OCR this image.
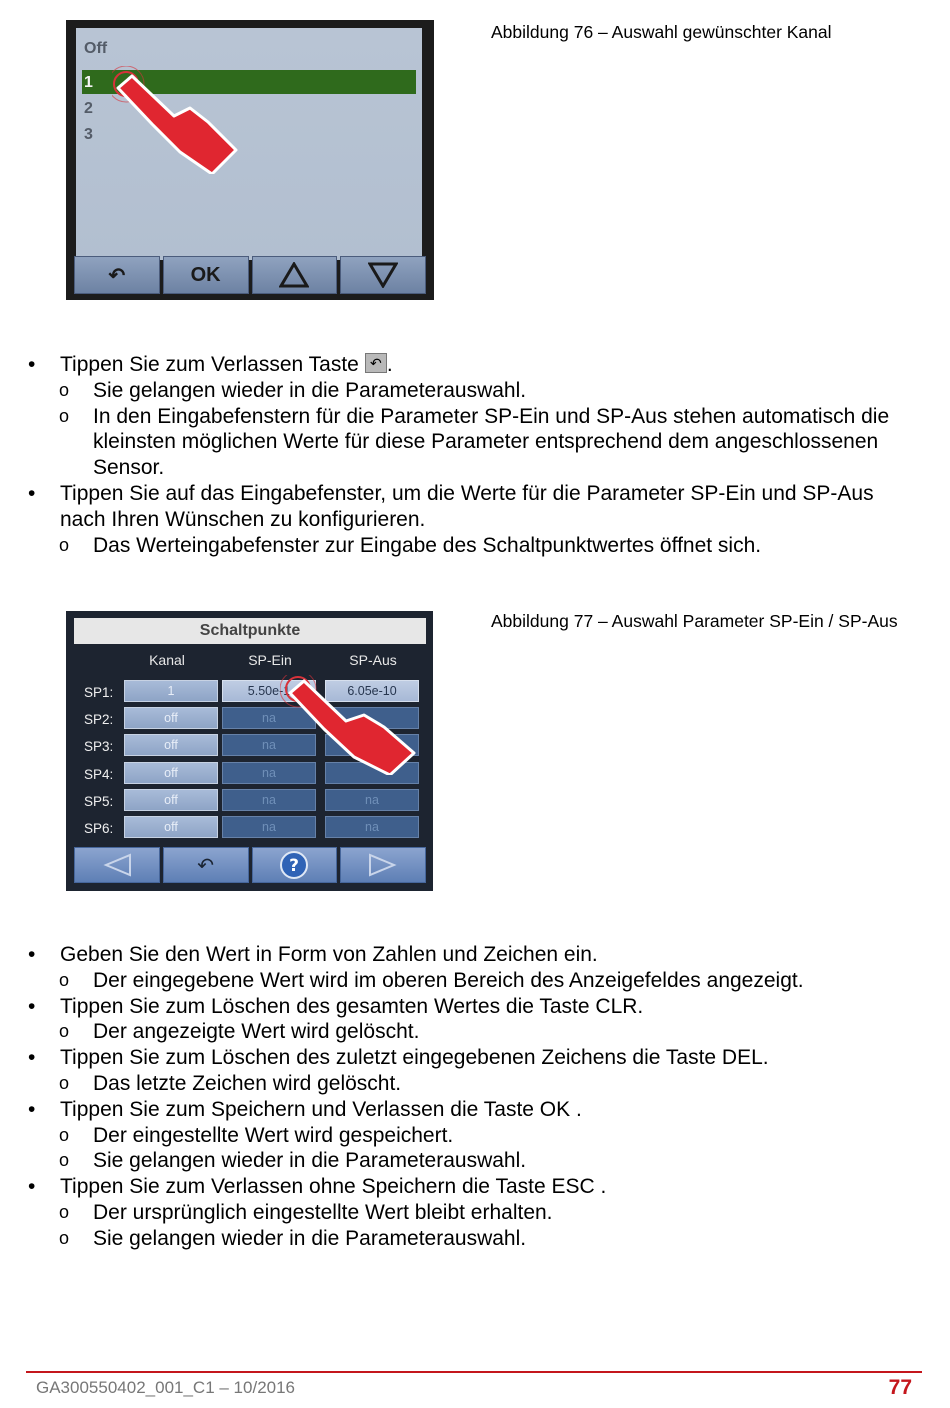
Off
1
2
3
↶	OK
Abbildung 76 – Auswahl gewünschter Kanal
• Tippen Sie zum Verlassen Taste ↶ .
o Sie gelangen wieder in die Parameterauswahl.
o In den Eingabefenstern für die Parameter SP-Ein und SP-Aus stehen automatisch die kleinsten möglichen Werte für diese Parameter entsprechend dem angeschlossenen Sensor.
• Tippen Sie auf das Eingabefenster, um die Werte für die Parameter SP-Ein und SP-Aus nach Ihren Wünschen zu konfigurieren.
o Das Werteingabefenster zur Eingabe des Schaltpunktwertes öffnet sich.
Schaltpunkte
Kanal	SP-Ein	SP-Aus
SP1:	1	5.50e-1	6.05e-10
SP2:	off	na
SP3:	off	na
SP4:	off	na
SP5:	off	na	na
SP6:	off	na	na
↶	?
Abbildung 77 – Auswahl Parameter SP-Ein / SP-Aus
• Geben Sie den Wert in Form von Zahlen und Zeichen ein.
o Der eingegebene Wert wird im oberen Bereich des Anzeigefeldes angezeigt.
• Tippen Sie zum Löschen des gesamten Wertes die Taste CLR.
o Der angezeigte Wert wird gelöscht.
• Tippen Sie zum Löschen des zuletzt eingegebenen Zeichens die Taste DEL.
o Das letzte Zeichen wird gelöscht.
• Tippen Sie zum Speichern und Verlassen die Taste OK .
o Der eingestellte Wert wird gespeichert.
o Sie gelangen wieder in die Parameterauswahl.
• Tippen Sie zum Verlassen ohne Speichern die Taste ESC .
o Der ursprünglich eingestellte Wert bleibt erhalten.
o Sie gelangen wieder in die Parameterauswahl.
GA300550402_001_C1 – 10/2016	77
